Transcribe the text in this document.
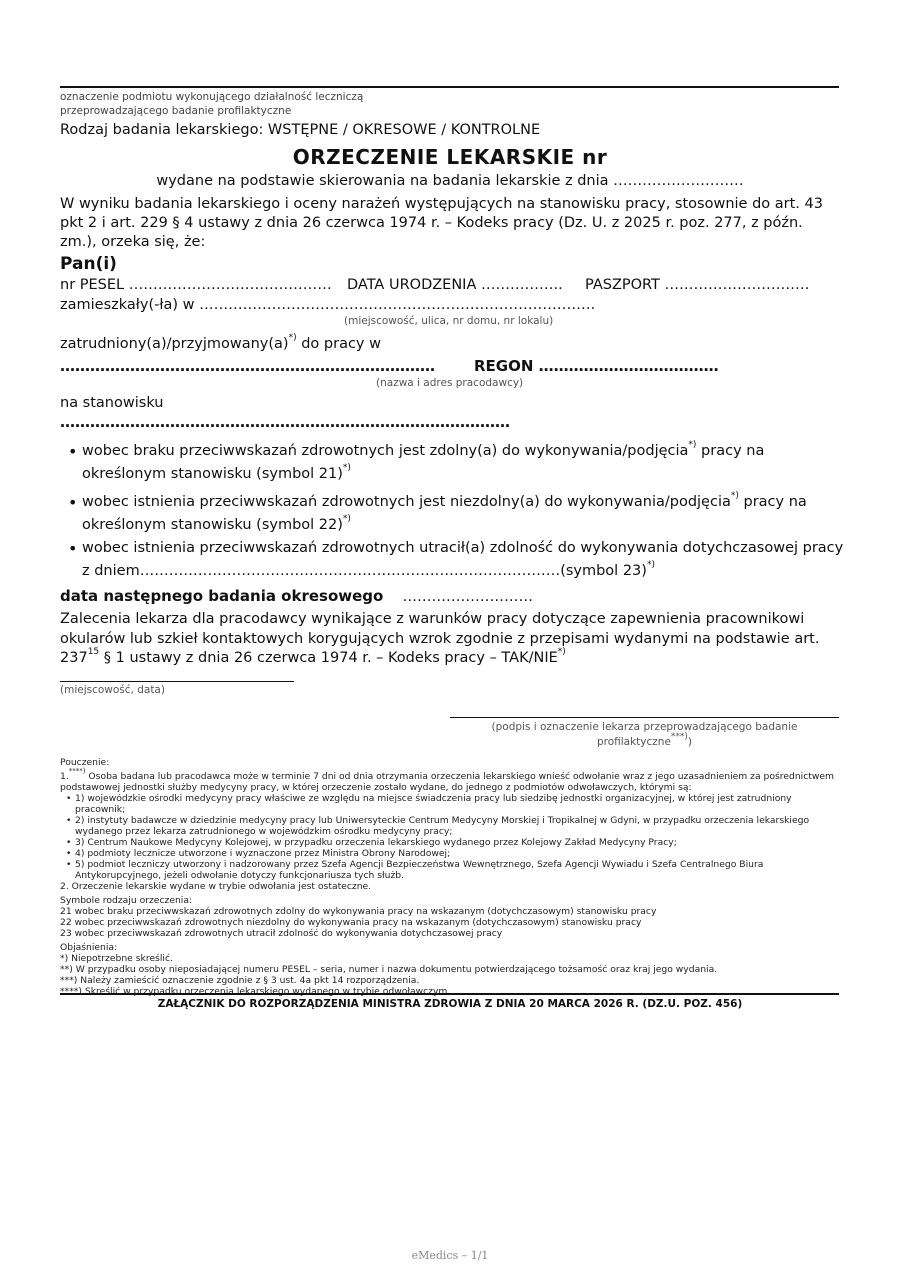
oznaczenie podmiotu wykonującego działalność leczniczą
przeprowadzającego badanie profilaktyczne
Rodzaj badania lekarskiego: WSTĘPNE / OKRESOWE / KONTROLNE
ORZECZENIE LEKARSKIE nr
wydane na podstawie skierowania na badania lekarskie z dnia ………………………
W wyniku badania lekarskiego i oceny narażeń występujących na stanowisku pracy, stosownie do art. 43 pkt 2 i art. 229 § 4 ustawy z dnia 26 czerwca 1974 r. – Kodeks pracy (Dz. U. z 2025 r. poz. 277, z późn. zm.), orzeka się, że:
Pan(i)
nr PESEL …………………………………… DATA URODZENIA …………….. PASZPORT …………………………
zamieszkały(-ła) w ……………………………………………………………………….
(miejscowość, ulica, nr domu, nr lokalu)
zatrudniony(a)/przyjmowany(a)*) do pracy w
…………………………………………………………………	REGON ………………………………
(nazwa i adres pracodawcy)
na stanowisku
………………………………………………………………………………
• wobec braku przeciwwskazań zdrowotnych jest zdolny(a) do wykonywania/podjęcia*) pracy na
określonym stanowisku (symbol 21)*)
• wobec istnienia przeciwwskazań zdrowotnych jest niezdolny(a) do wykonywania/podjęcia*) pracy na
określonym stanowisku (symbol 22)*)
• wobec istnienia przeciwwskazań zdrowotnych utracił(a) zdolność do wykonywania dotychczasowej pracy
z dniem……………………………………………………………………………(symbol 23)*)
data następnego badania okresowego ………………………
Zalecenia lekarza dla pracodawcy wynikające z warunków pracy dotyczące zapewnienia pracownikowi okularów lub szkieł kontaktowych korygujących wzrok zgodnie z przepisami wydanymi na podstawie art. $237^{15}$ § 1 ustawy z dnia 26 czerwca 1974 r. – Kodeks pracy – TAK/NIE*)
(miejscowość, data)
(podpis i oznaczenie lekarza przeprowadzającego badanie
profilaktyczne***))
Pouczenie:
1.****) Osoba badana lub pracodawca może w terminie 7 dni od dnia otrzymania orzeczenia lekarskiego wnieść odwołanie wraz z jego uzasadnieniem za pośrednictwem podstawowej jednostki służby medycyny pracy, w której orzeczenie zostało wydane, do jednego z podmiotów odwoławczych, którymi są:
• 1) wojewódzkie ośrodki medycyny pracy właściwe ze względu na miejsce świadczenia pracy lub siedzibę jednostki organizacyjnej, w której jest zatrudniony pracownik;
• 2) instytuty badawcze w dziedzinie medycyny pracy lub Uniwersyteckie Centrum Medycyny Morskiej i Tropikalnej w Gdyni, w przypadku orzeczenia lekarskiego wydanego przez lekarza zatrudnionego w wojewódzkim ośrodku medycyny pracy;
• 3) Centrum Naukowe Medycyny Kolejowej, w przypadku orzeczenia lekarskiego wydanego przez Kolejowy Zakład Medycyny Pracy;
• 4) podmioty lecznicze utworzone i wyznaczone przez Ministra Obrony Narodowej;
• 5) podmiot leczniczy utworzony i nadzorowany przez Szefa Agencji Bezpieczeństwa Wewnętrznego, Szefa Agencji Wywiadu i Szefa Centralnego Biura Antykorupcyjnego, jeżeli odwołanie dotyczy funkcjonariusza tych służb.
2. Orzeczenie lekarskie wydane w trybie odwołania jest ostateczne.
Symbole rodzaju orzeczenia:
21 wobec braku przeciwwskazań zdrowotnych zdolny do wykonywania pracy na wskazanym (dotychczasowym) stanowisku pracy
22 wobec przeciwwskazań zdrowotnych niezdolny do wykonywania pracy na wskazanym (dotychczasowym) stanowisku pracy
23 wobec przeciwwskazań zdrowotnych utracił zdolność do wykonywania dotychczasowej pracy
Objaśnienia:
*) Niepotrzebne skreślić.
**) W przypadku osoby nieposiadającej numeru PESEL – seria, numer i nazwa dokumentu potwierdzającego tożsamość oraz kraj jego wydania.
***) Należy zamieścić oznaczenie zgodnie z § 3 ust. 4a pkt 14 rozporządzenia.
****) Skreślić w przypadku orzeczenia lekarskiego wydanego w trybie odwoławczym.
ZAŁĄCZNIK DO ROZPORZĄDZENIA MINISTRA ZDROWIA Z DNIA 20 MARCA 2026 R. (DZ.U. POZ. 456)
eMedics – 1/1
